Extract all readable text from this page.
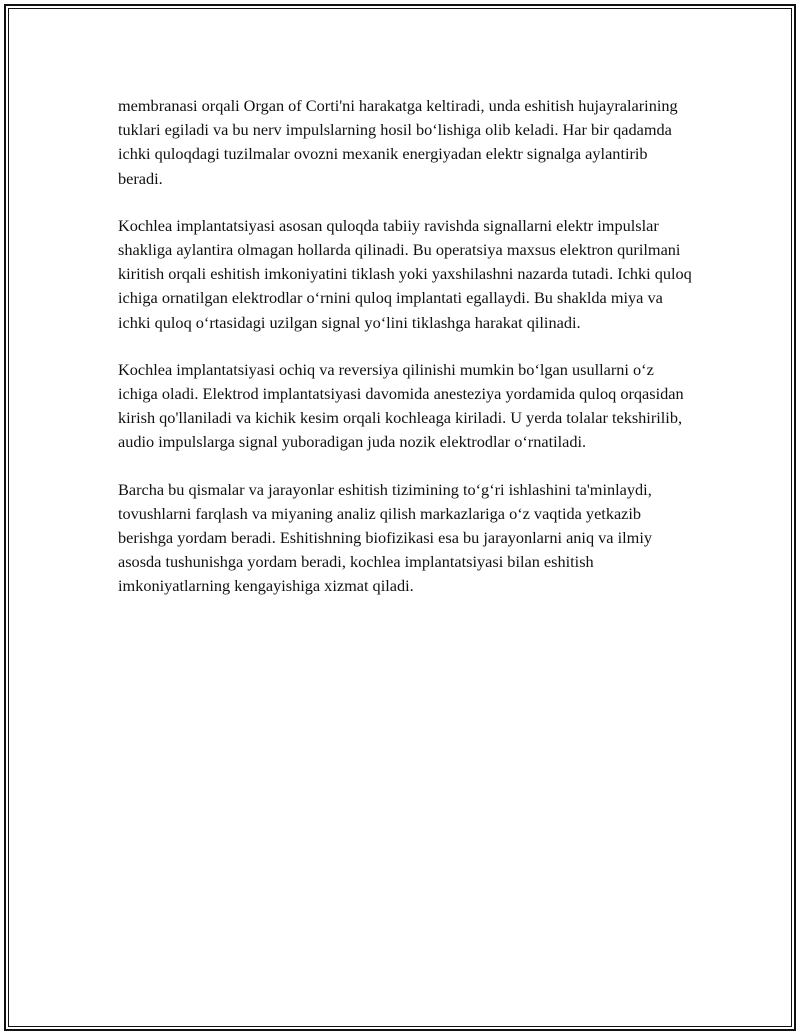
membranasi orqali Organ of Corti'ni harakatga keltiradi, unda eshitish hujayralarining tuklari egiladi va bu nerv impulslarning hosil bo‘lishiga olib keladi. Har bir qadamda ichki quloqdagi tuzilmalar ovozni mexanik energiyadan elektr signalga aylantirib beradi.

Kochlea implantatsiyasi asosan quloqda tabiiy ravishda signallarni elektr impulslar shakliga aylantira olmagan hollarda qilinadi. Bu operatsiya maxsus elektron qurilmani kiritish orqali eshitish imkoniyatini tiklash yoki yaxshilashni nazarda tutadi. Ichki quloq ichiga ornatilgan elektrodlar o‘rnini quloq implantati egallaydi. Bu shaklda miya va ichki quloq o‘rtasidagi uzilgan signal yo‘lini tiklashga harakat qilinadi.

Kochlea implantatsiyasi ochiq va reversiya qilinishi mumkin bo‘lgan usullarni o‘z ichiga oladi. Elektrod implantatsiyasi davomida anesteziya yordamida quloq orqasidan kirish qo'llaniladi va kichik kesim orqali kochleaga kiriladi. U yerda tolalar tekshirilib, audio impulslarga signal yuboradigan juda nozik elektrodlar o‘rnatiladi.

Barcha bu qismalar va jarayonlar eshitish tizimining to‘g‘ri ishlashini ta'minlaydi, tovushlarni farqlash va miyaning analiz qilish markazlariga o‘z vaqtida yetkazib berishga yordam beradi. Eshitishning biofizikasi esa bu jarayonlarni aniq va ilmiy asosda tushunishga yordam beradi, kochlea implantatsiyasi bilan eshitish imkoniyatlarning kengayishiga xizmat qiladi.
